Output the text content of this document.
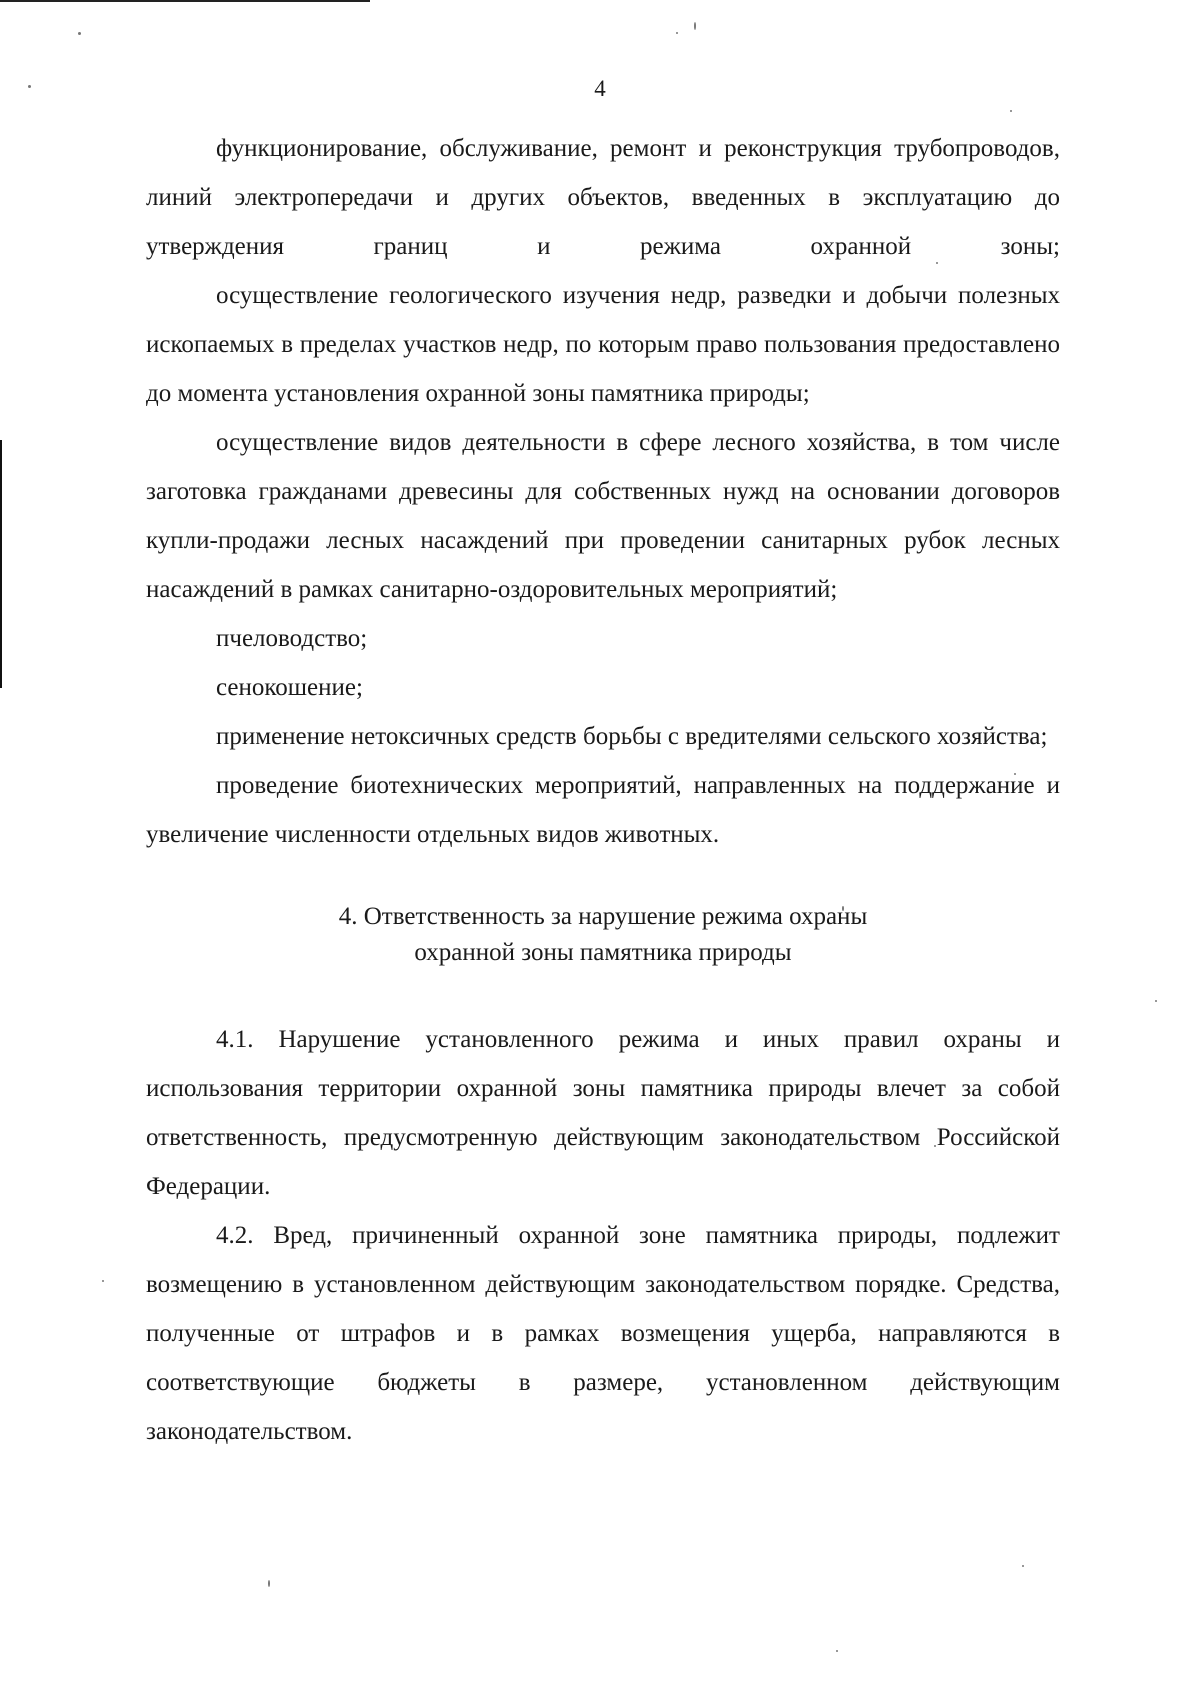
4

функционирование, обслуживание, ремонт и реконструкция трубопроводов, линий электропередачи и других объектов, введенных в эксплуатацию до утверждения границ и режима охранной зоны;

осуществление геологического изучения недр, разведки и добычи полезных ископаемых в пределах участков недр, по которым право пользования предоставлено до момента установления охранной зоны памятника природы;

осуществление видов деятельности в сфере лесного хозяйства, в том числе заготовка гражданами древесины для собственных нужд на основании договоров купли-продажи лесных насаждений при проведении санитарных рубок лесных насаждений в рамках санитарно-оздоровительных мероприятий;

пчеловодство;

сенокошение;

применение нетоксичных средств борьбы с вредителями сельского хозяйства;

проведение биотехнических мероприятий, направленных на поддержание и увеличение численности отдельных видов животных.

4. Ответственность за нарушение режима охраны
охранной зоны памятника природы

4.1. Нарушение установленного режима и иных правил охраны и использования территории охранной зоны памятника природы влечет за собой ответственность, предусмотренную действующим законодательством Российской Федерации.

4.2. Вред, причиненный охранной зоне памятника природы, подлежит возмещению в установленном действующим законодательством порядке. Средства, полученные от штрафов и в рамках возмещения ущерба, направляются в соответствующие бюджеты в размере, установленном действующим законодательством.
